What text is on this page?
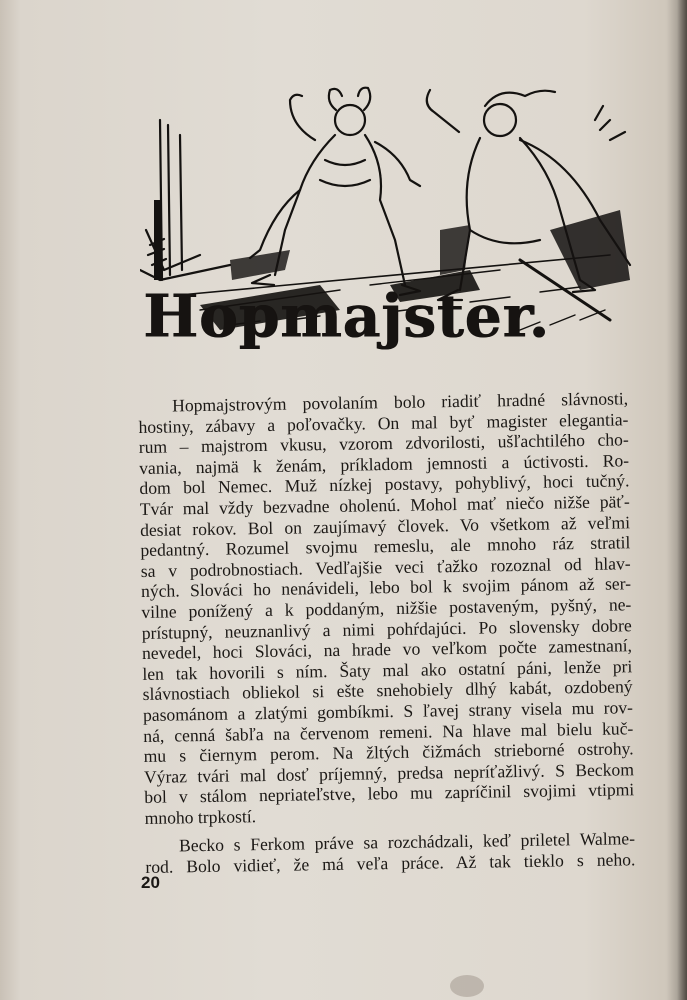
Hopmajster.

Hopmajstrovým povolaním bolo riadiť hradné slávnosti,
hostiny, zábavy a poľovačky. On mal byť magister elegantia-
rum – majstrom vkusu, vzorom zdvorilosti, ušľachtilého cho-
vania, najmä k ženám, príkladom jemnosti a úctivosti. Ro-
dom bol Nemec. Muž nízkej postavy, pohyblivý, hoci tučný.
Tvár mal vždy bezvadne oholenú. Mohol mať niečo nižše päť-
desiat rokov. Bol on zaujímavý človek. Vo všetkom až veľmi
pedantný. Rozumel svojmu remeslu, ale mnoho ráz stratil
sa v podrobnostiach. Vedľajšie veci ťažko rozoznal od hlav-
ných. Slováci ho nenávideli, lebo bol k svojim pánom až ser-
vilne ponížený a k poddaným, nižšie postaveným, pyšný, ne-
prístupný, neuznanlivý a nimi pohŕdajúci. Po slovensky dobre
nevedel, hoci Slováci, na hrade vo veľkom počte zamestnaní,
len tak hovorili s ním. Šaty mal ako ostatní páni, lenže pri
slávnostiach obliekol si ešte snehobiely dlhý kabát, ozdobený
pasománom a zlatými gombíkmi. S ľavej strany visela mu rov-
ná, cenná šabľa na červenom remeni. Na hlave mal bielu kuč-
mu s čiernym perom. Na žltých čižmách strieborné ostrohy.
Výraz tvári mal dosť príjemný, predsa nepríťažlivý. S Beckom
bol v stálom nepriateľstve, lebo mu zapríčinil svojimi vtipmi
mnoho trpkostí.

Becko s Ferkom práve sa rozchádzali, keď priletel Walme-
rod. Bolo vidieť, že má veľa práce. Až tak tieklo s neho.

20
